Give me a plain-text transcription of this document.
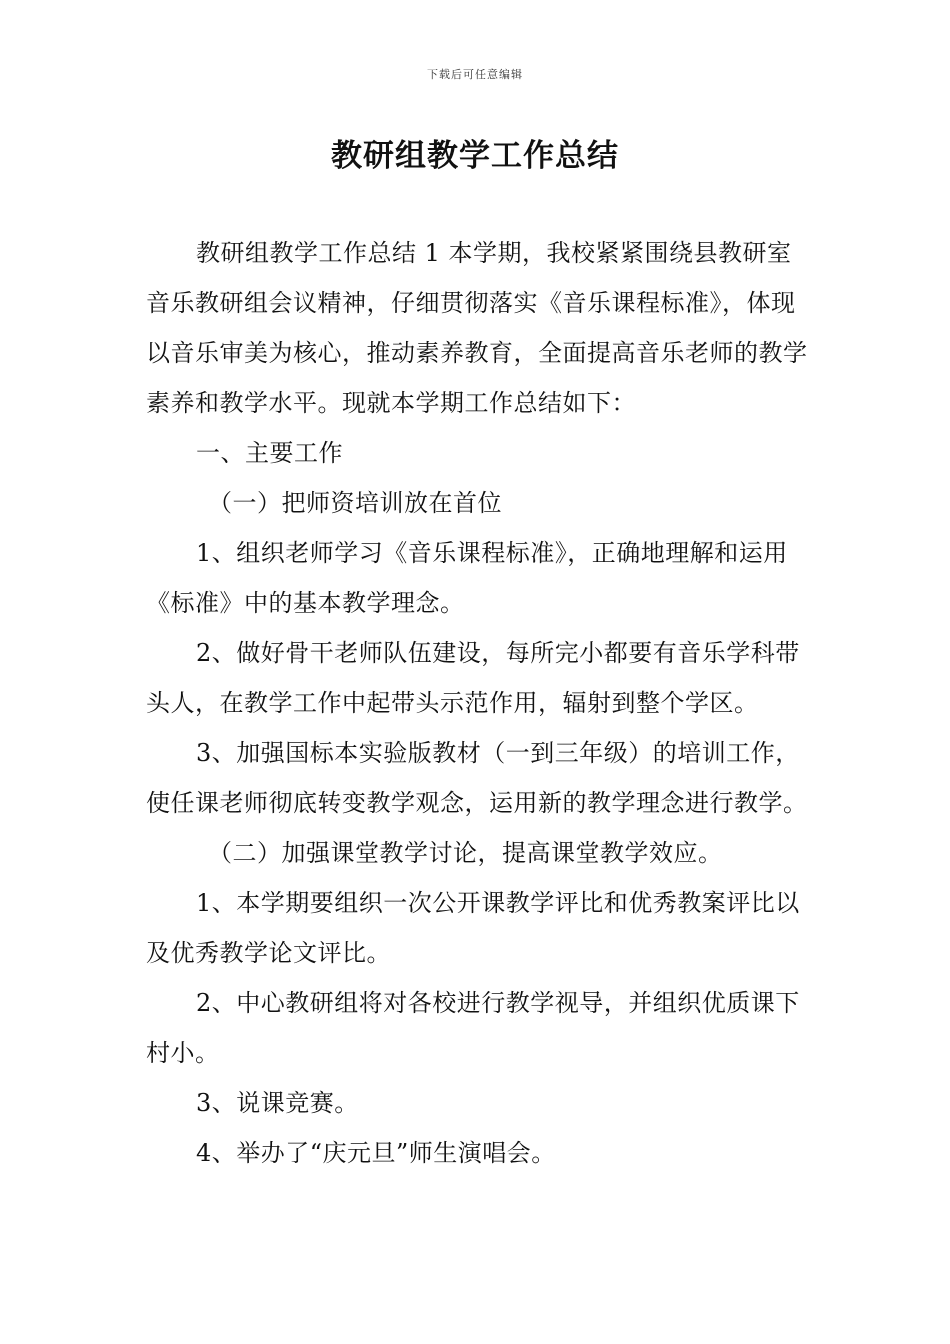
下载后可任意编辑
教研组教学工作总结

教研组教学工作总结 1 本学期，我校紧紧围绕县教研室音乐教研组会议精神，仔细贯彻落实《音乐课程标准》，体现以音乐审美为核心，推动素养教育，全面提高音乐老师的教学素养和教学水平。现就本学期工作总结如下：

一、主要工作

（一）把师资培训放在首位

1、组织老师学习《音乐课程标准》，正确地理解和运用《标准》中的基本教学理念。

2、做好骨干老师队伍建设，每所完小都要有音乐学科带头人，在教学工作中起带头示范作用，辐射到整个学区。

3、加强国标本实验版教材（一到三年级）的培训工作，使任课老师彻底转变教学观念，运用新的教学理念进行教学。

（二）加强课堂教学讨论，提高课堂教学效应。

1、本学期要组织一次公开课教学评比和优秀教案评比以及优秀教学论文评比。

2、中心教研组将对各校进行教学视导，并组织优质课下村小。

3、说课竞赛。

4、举办了“庆元旦”师生演唱会。
